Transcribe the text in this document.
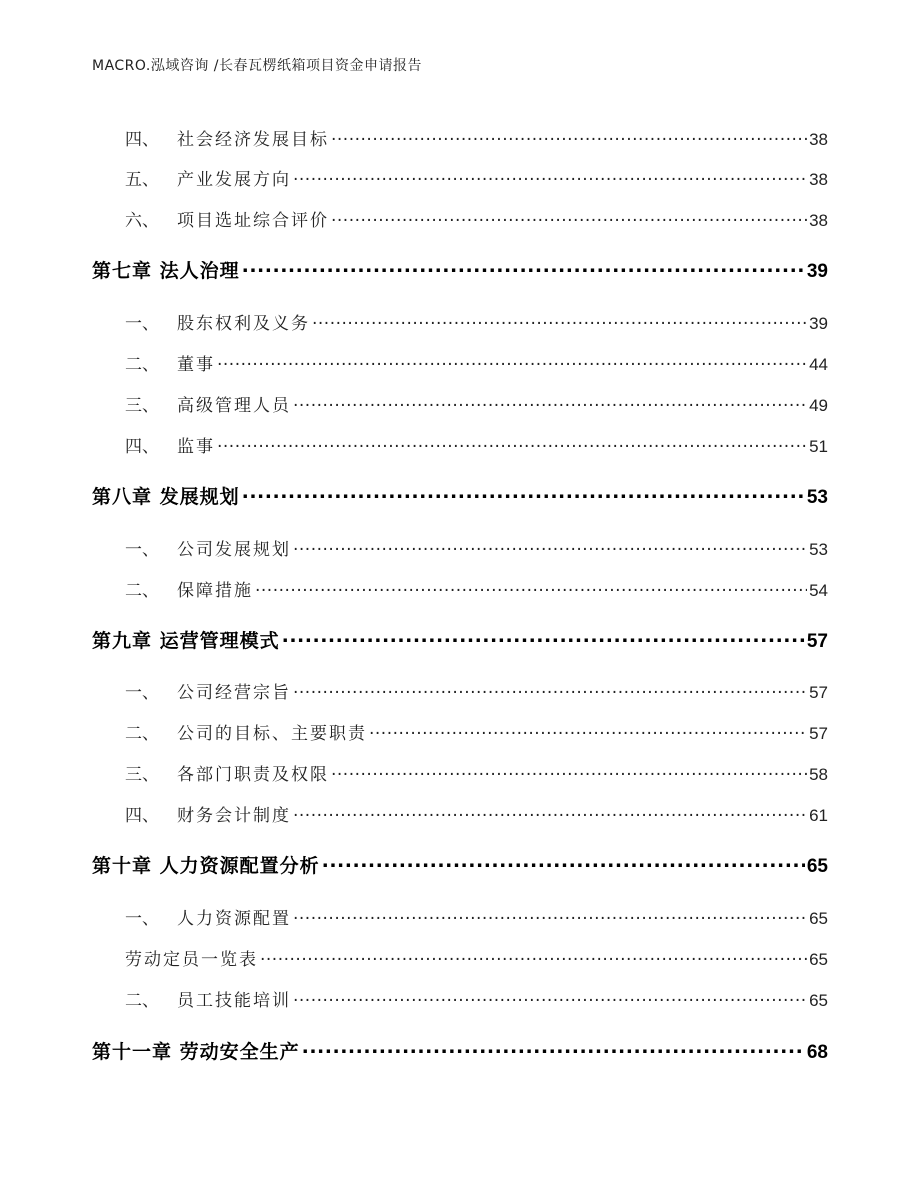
MACRO.泓域咨询 /长春瓦楞纸箱项目资金申请报告
四、 社会经济发展目标 .....	38
五、 产业发展方向 .....	38
六、 项目选址综合评价 .....	38
第七章 法人治理 .....	39
一、 股东权利及义务 .....	39
二、 董事 .....	44
三、 高级管理人员 .....	49
四、 监事 .....	51
第八章 发展规划 .....	53
一、 公司发展规划 .....	53
二、 保障措施 .....	54
第九章 运营管理模式 .....	57
一、 公司经营宗旨 .....	57
二、 公司的目标、主要职责 .....	57
三、 各部门职责及权限 .....	58
四、 财务会计制度 .....	61
第十章 人力资源配置分析 .....	65
一、 人力资源配置 .....	65
劳动定员一览表 .....	65
二、 员工技能培训 .....	65
第十一章 劳动安全生产 .....	68
